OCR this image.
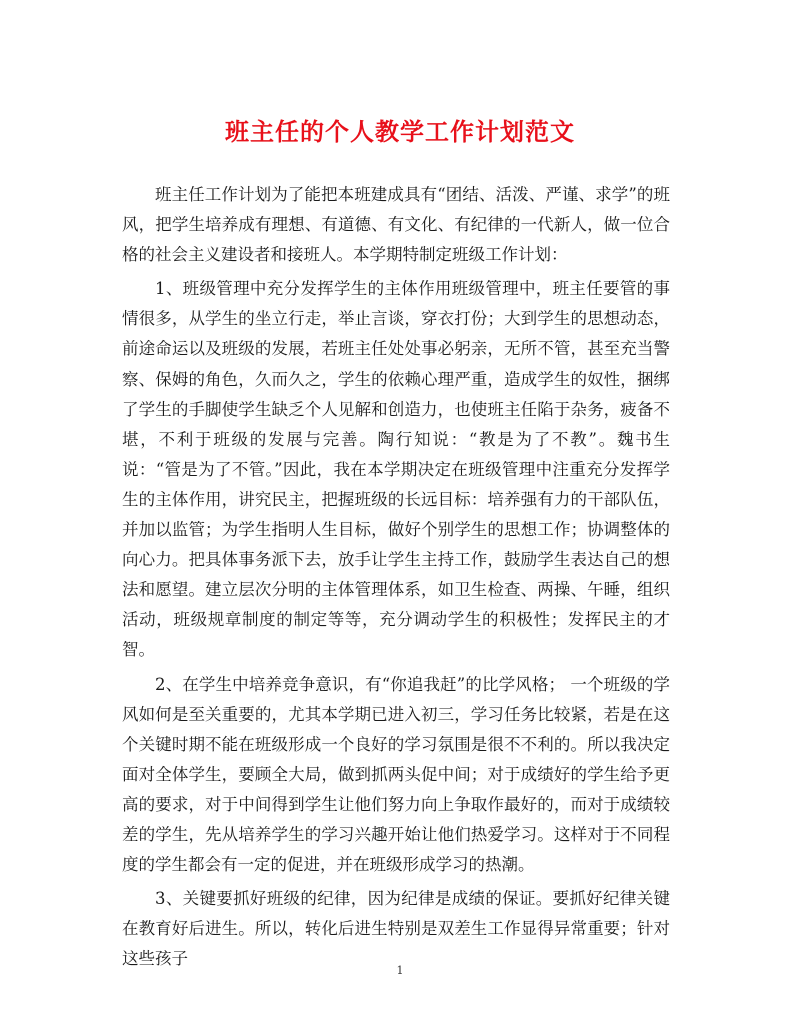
班主任的个人教学工作计划范文

班主任工作计划为了能把本班建成具有“团结、活泼、严谨、求学”的班风，把学生培养成有理想、有道德、有文化、有纪律的一代新人，做一位合格的社会主义建设者和接班人。本学期特制定班级工作计划：

1、班级管理中充分发挥学生的主体作用班级管理中，班主任要管的事情很多，从学生的坐立行走，举止言谈，穿衣打份；大到学生的思想动态，前途命运以及班级的发展，若班主任处处事必躬亲，无所不管，甚至充当警察、保姆的角色，久而久之，学生的依赖心理严重，造成学生的奴性，捆绑了学生的手脚使学生缺乏个人见解和创造力，也使班主任陷于杂务，疲备不堪，不利于班级的发展与完善。陶行知说：“教是为了不教”。魏书生说：“管是为了不管。”因此，我在本学期决定在班级管理中注重充分发挥学生的主体作用，讲究民主，把握班级的长远目标：培养强有力的干部队伍，并加以监管；为学生指明人生目标，做好个别学生的思想工作；协调整体的向心力。把具体事务派下去，放手让学生主持工作，鼓励学生表达自己的想法和愿望。建立层次分明的主体管理体系，如卫生检查、两操、午睡，组织活动，班级规章制度的制定等等，充分调动学生的积极性；发挥民主的才智。

2、在学生中培养竞争意识，有“你追我赶”的比学风格； 一个班级的学风如何是至关重要的，尤其本学期已进入初三，学习任务比较紧，若是在这个关键时期不能在班级形成一个良好的学习氛围是很不不利的。所以我决定面对全体学生，要顾全大局，做到抓两头促中间；对于成绩好的学生给予更高的要求，对于中间得到学生让他们努力向上争取作最好的，而对于成绩较差的学生，先从培养学生的学习兴趣开始让他们热爱学习。这样对于不同程度的学生都会有一定的促进，并在班级形成学习的热潮。

3、关键要抓好班级的纪律，因为纪律是成绩的保证。要抓好纪律关键在教育好后进生。所以，转化后进生特别是双差生工作显得异常重要；针对这些孩子

1
